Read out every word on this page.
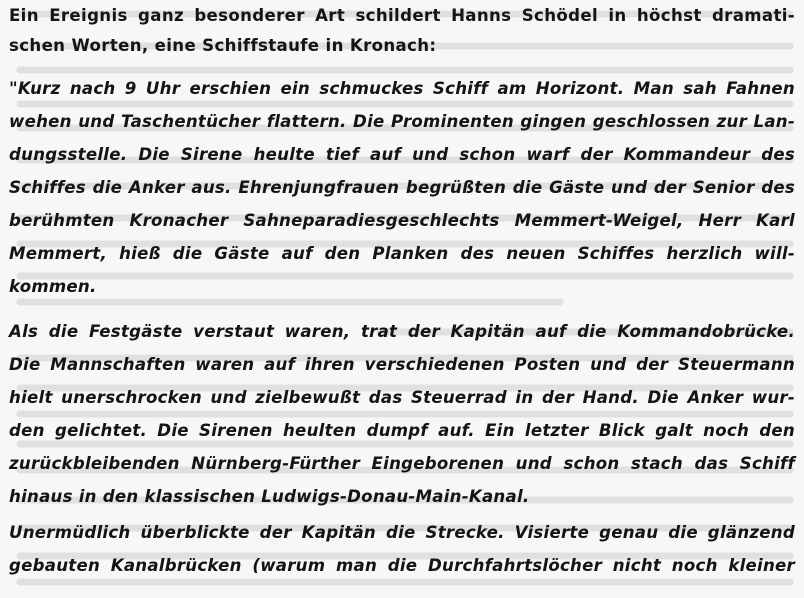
Ein Ereignis ganz besonderer Art schildert Hanns Schödel in höchst dramati-
schen Worten, eine Schiffstaufe in Kronach:
"Kurz nach 9 Uhr erschien ein schmuckes Schiff am Horizont. Man sah Fahnen
wehen und Taschentücher flattern. Die Prominenten gingen geschlossen zur Lan-
dungsstelle. Die Sirene heulte tief auf und schon warf der Kommandeur des
Schiffes die Anker aus. Ehrenjungfrauen begrüßten die Gäste und der Senior des
berühmten Kronacher Sahneparadiesgeschlechts Memmert-Weigel, Herr Karl
Memmert, hieß die Gäste auf den Planken des neuen Schiffes herzlich will-
kommen.
Als die Festgäste verstaut waren, trat der Kapitän auf die Kommandobrücke.
Die Mannschaften waren auf ihren verschiedenen Posten und der Steuermann
hielt unerschrocken und zielbewußt das Steuerrad in der Hand. Die Anker wur-
den gelichtet. Die Sirenen heulten dumpf auf. Ein letzter Blick galt noch den
zurückbleibenden Nürnberg-Fürther Eingeborenen und schon stach das Schiff
hinaus in den klassischen Ludwigs-Donau-Main-Kanal.
Unermüdlich überblickte der Kapitän die Strecke. Visierte genau die glänzend
gebauten Kanalbrücken (warum man die Durchfahrtslöcher nicht noch kleiner
